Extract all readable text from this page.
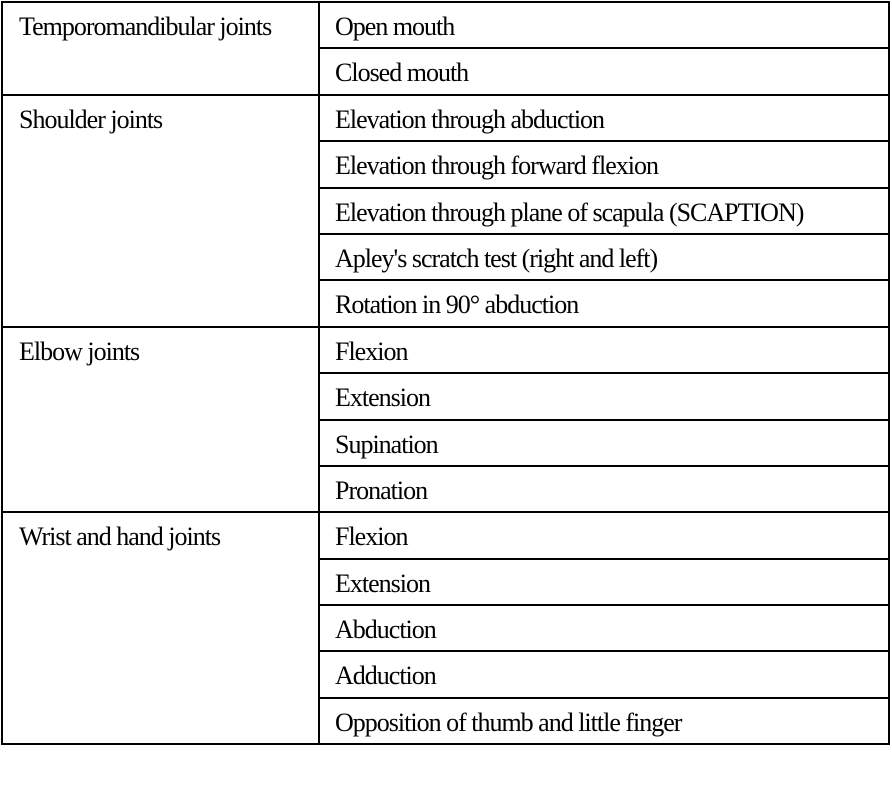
Temporomandibular joints	Open mouth
	Closed mouth
Shoulder joints	Elevation through abduction
	Elevation through forward flexion
	Elevation through plane of scapula (SCAPTION)
	Apley's scratch test (right and left)
	Rotation in 90° abduction
Elbow joints	Flexion
	Extension
	Supination
	Pronation
Wrist and hand joints	Flexion
	Extension
	Abduction
	Adduction
	Opposition of thumb and little finger
